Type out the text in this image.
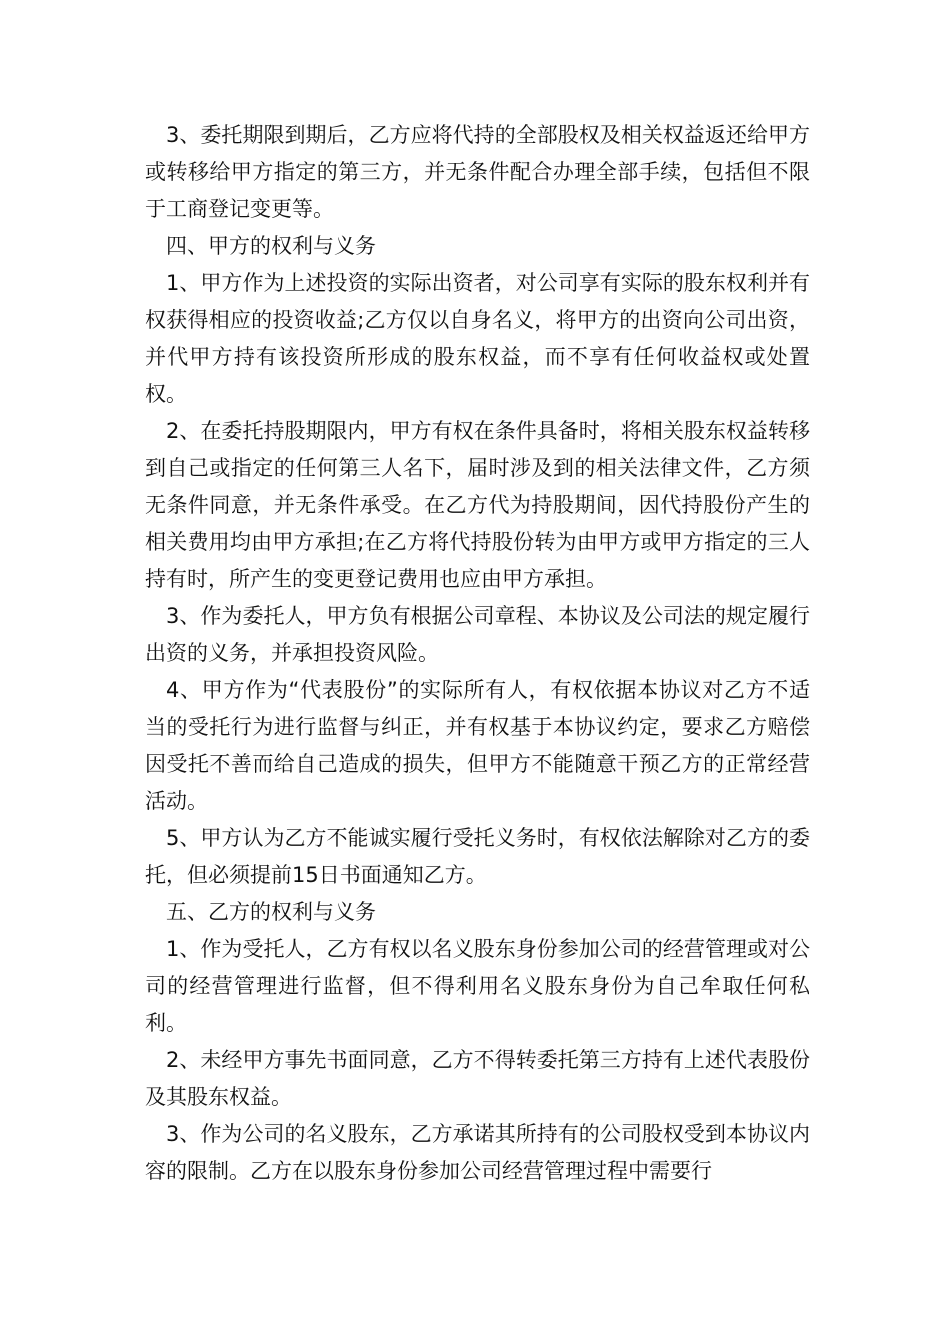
3、委托期限到期后，乙方应将代持的全部股权及相关权益返还给甲方或转移给甲方指定的第三方，并无条件配合办理全部手续，包括但不限于工商登记变更等。

四、甲方的权利与义务

1、甲方作为上述投资的实际出资者，对公司享有实际的股东权利并有权获得相应的投资收益;乙方仅以自身名义，将甲方的出资向公司出资，并代甲方持有该投资所形成的股东权益，而不享有任何收益权或处置权。

2、在委托持股期限内，甲方有权在条件具备时，将相关股东权益转移到自己或指定的任何第三人名下，届时涉及到的相关法律文件，乙方须无条件同意，并无条件承受。在乙方代为持股期间，因代持股份产生的相关费用均由甲方承担;在乙方将代持股份转为由甲方或甲方指定的三人持有时，所产生的变更登记费用也应由甲方承担。

3、作为委托人，甲方负有根据公司章程、本协议及公司法的规定履行出资的义务，并承担投资风险。

4、甲方作为“代表股份”的实际所有人，有权依据本协议对乙方不适当的受托行为进行监督与纠正，并有权基于本协议约定，要求乙方赔偿因受托不善而给自己造成的损失，但甲方不能随意干预乙方的正常经营活动。

5、甲方认为乙方不能诚实履行受托义务时，有权依法解除对乙方的委托，但必须提前15日书面通知乙方。

五、乙方的权利与义务

1、作为受托人，乙方有权以名义股东身份参加公司的经营管理或对公司的经营管理进行监督，但不得利用名义股东身份为自己牟取任何私利。

2、未经甲方事先书面同意，乙方不得转委托第三方持有上述代表股份及其股东权益。

3、作为公司的名义股东，乙方承诺其所持有的公司股权受到本协议内容的限制。乙方在以股东身份参加公司经营管理过程中需要行
